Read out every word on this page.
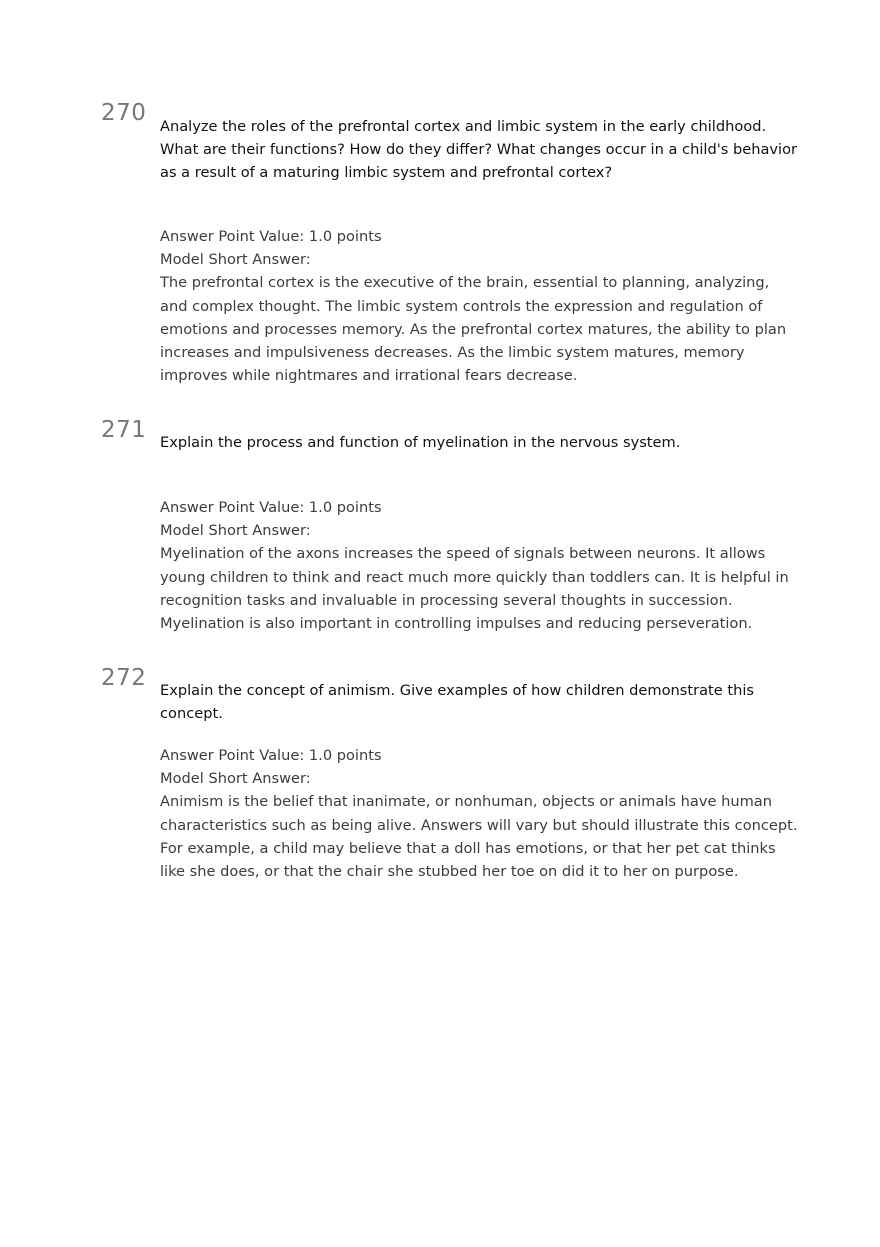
270

Analyze the roles of the prefrontal cortex and limbic system in the early childhood. What are their functions? How do they differ? What changes occur in a child's behavior as a result of a maturing limbic system and prefrontal cortex?

Answer Point Value: 1.0 points

Model Short Answer:

The prefrontal cortex is the executive of the brain, essential to planning, analyzing, and complex thought. The limbic system controls the expression and regulation of emotions and processes memory. As the prefrontal cortex matures, the ability to plan increases and impulsiveness decreases. As the limbic system matures, memory improves while nightmares and irrational fears decrease.

271 Explain the process and function of myelination in the nervous system.

Answer Point Value: 1.0 points

Model Short Answer:

Myelination of the axons increases the speed of signals between neurons. It allows young children to think and react much more quickly than toddlers can. It is helpful in recognition tasks and invaluable in processing several thoughts in succession. Myelination is also important in controlling impulses and reducing perseveration.

272 Explain the concept of animism. Give examples of how children demonstrate this concept.

Answer Point Value: 1.0 points

Model Short Answer:

Animism is the belief that inanimate, or nonhuman, objects or animals have human characteristics such as being alive. Answers will vary but should illustrate this concept. For example, a child may believe that a doll has emotions, or that her pet cat thinks like she does, or that the chair she stubbed her toe on did it to her on purpose.
